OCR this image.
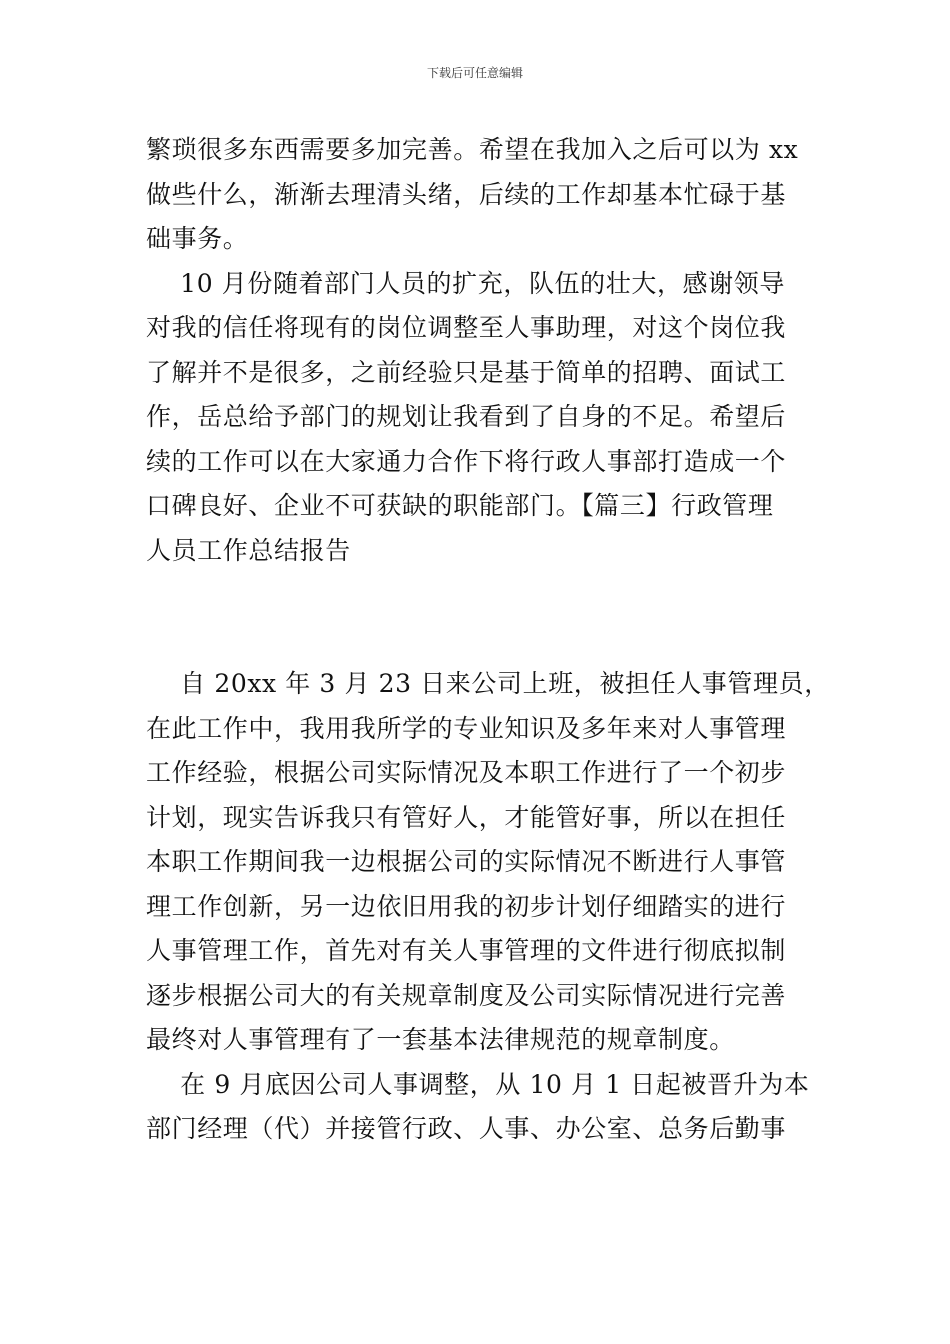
下载后可任意编辑
繁琐很多东西需要多加完善。希望在我加入之后可以为 xx
做些什么，渐渐去理清头绪，后续的工作却基本忙碌于基
础事务。
10 月份随着部门人员的扩充，队伍的壮大，感谢领导
对我的信任将现有的岗位调整至人事助理，对这个岗位我
了解并不是很多，之前经验只是基于简单的招聘、面试工
作，岳总给予部门的规划让我看到了自身的不足。希望后
续的工作可以在大家通力合作下将行政人事部打造成一个
口碑良好、企业不可获缺的职能部门。【篇三】行政管理
人员工作总结报告
自 20xx 年 3 月 23 日来公司上班，被担任人事管理员，
在此工作中，我用我所学的专业知识及多年来对人事管理
工作经验，根据公司实际情况及本职工作进行了一个初步
计划，现实告诉我只有管好人，才能管好事，所以在担任
本职工作期间我一边根据公司的实际情况不断进行人事管
理工作创新，另一边依旧用我的初步计划仔细踏实的进行
人事管理工作，首先对有关人事管理的文件进行彻底拟制
逐步根据公司大的有关规章制度及公司实际情况进行完善
最终对人事管理有了一套基本法律规范的规章制度。
在 9 月底因公司人事调整，从 10 月 1 日起被晋升为本
部门经理（代）并接管行政、人事、办公室、总务后勤事
